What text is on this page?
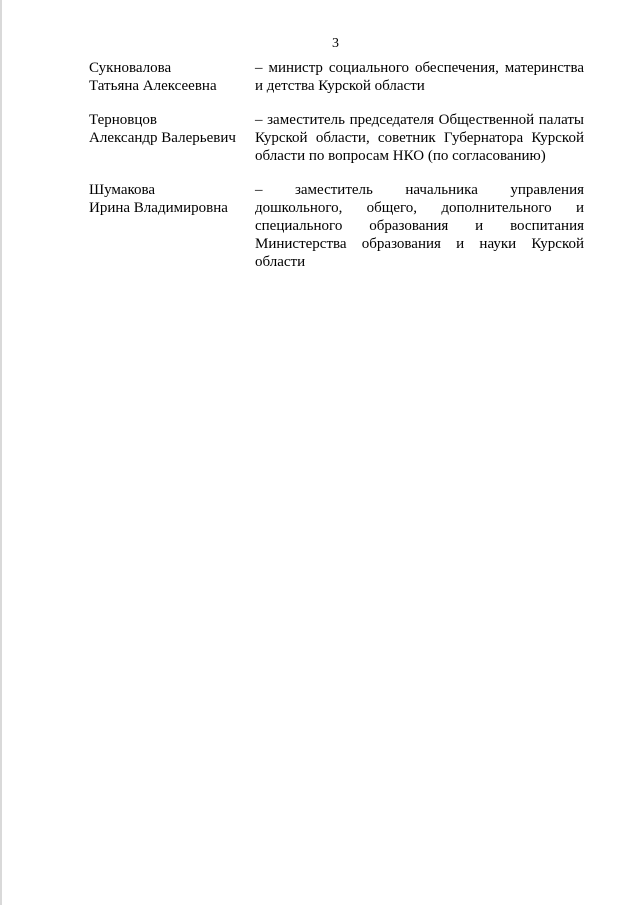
3
Сукновалова
Татьяна Алексеевна
– министр социального обеспечения, материнства и детства Курской области
Терновцов
Александр Валерьевич
– заместитель председателя Общественной палаты Курской области, советник Губернатора Курской области по вопросам НКО (по согласованию)
Шумакова
Ирина Владимировна
– заместитель начальника управления дошкольного, общего, дополнительного и специального образования и воспитания Министерства образования и науки Курской области
